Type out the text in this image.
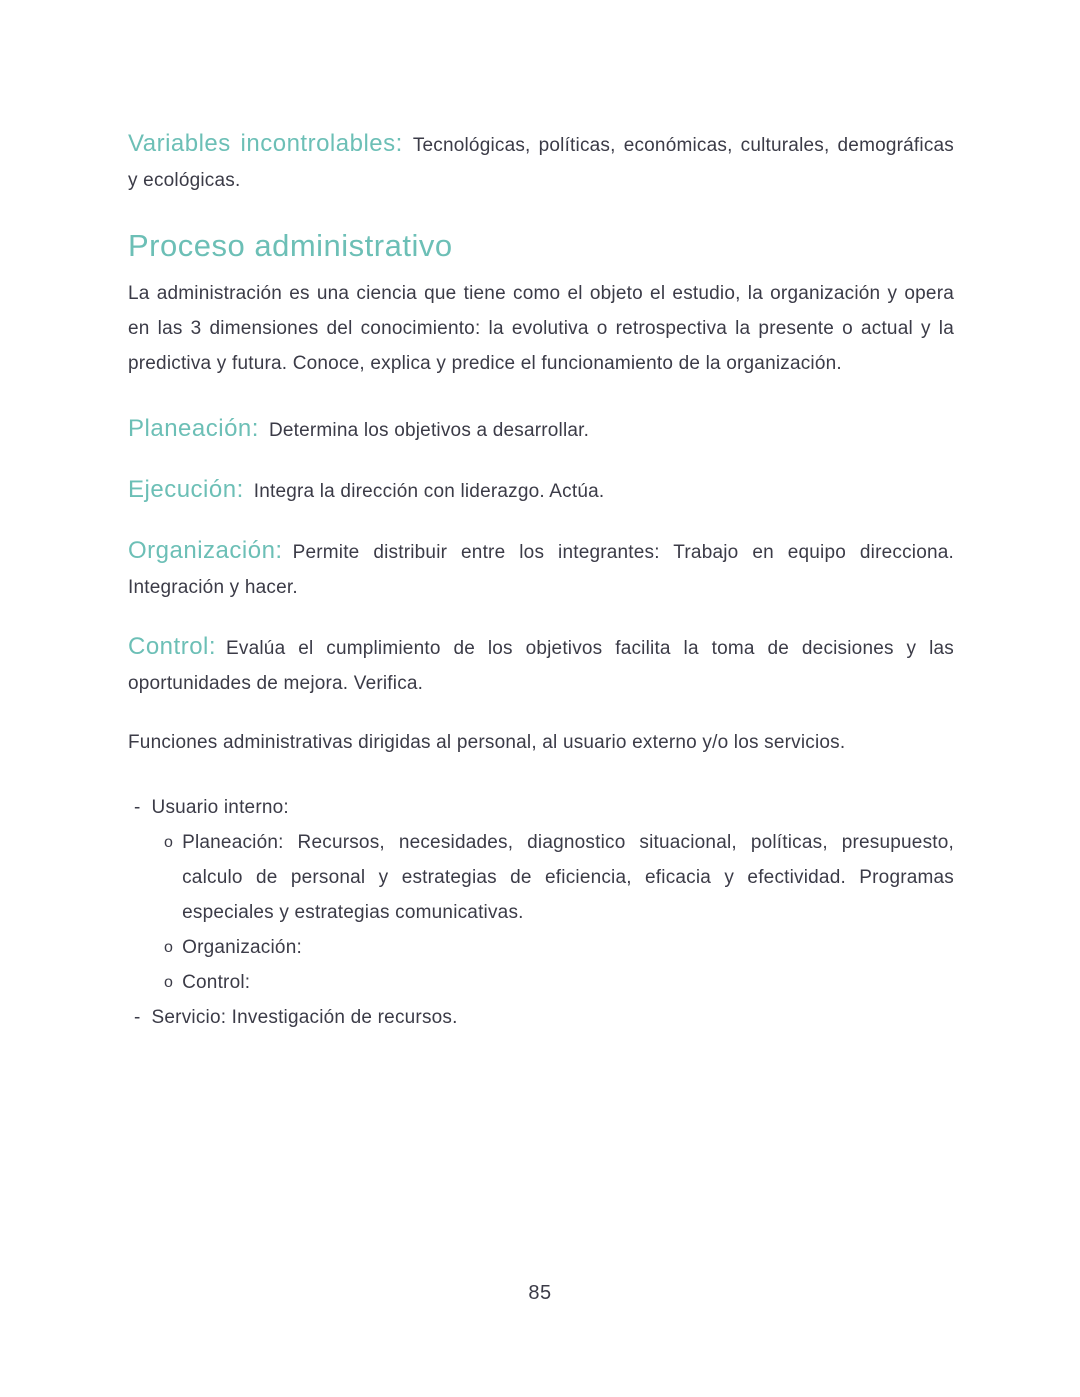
Variables incontrolables: Tecnológicas, políticas, económicas, culturales, demográficas y ecológicas.

Proceso administrativo

La administración es una ciencia que tiene como el objeto el estudio, la organización y opera en las 3 dimensiones del conocimiento: la evolutiva o retrospectiva la presente o actual y la predictiva y futura. Conoce, explica y predice el funcionamiento de la organización.

Planeación: Determina los objetivos a desarrollar.

Ejecución: Integra la dirección con liderazgo. Actúa.

Organización: Permite distribuir entre los integrantes: Trabajo en equipo direcciona. Integración y hacer.

Control: Evalúa el cumplimiento de los objetivos facilita la toma de decisiones y las oportunidades de mejora. Verifica.

Funciones administrativas dirigidas al personal, al usuario externo y/o los servicios.

- Usuario interno:
o Planeación: Recursos, necesidades, diagnostico situacional, políticas, presupuesto, calculo de personal y estrategias de eficiencia, eficacia y efectividad. Programas especiales y estrategias comunicativas.
o Organización:
o Control:
- Servicio: Investigación de recursos.
85
